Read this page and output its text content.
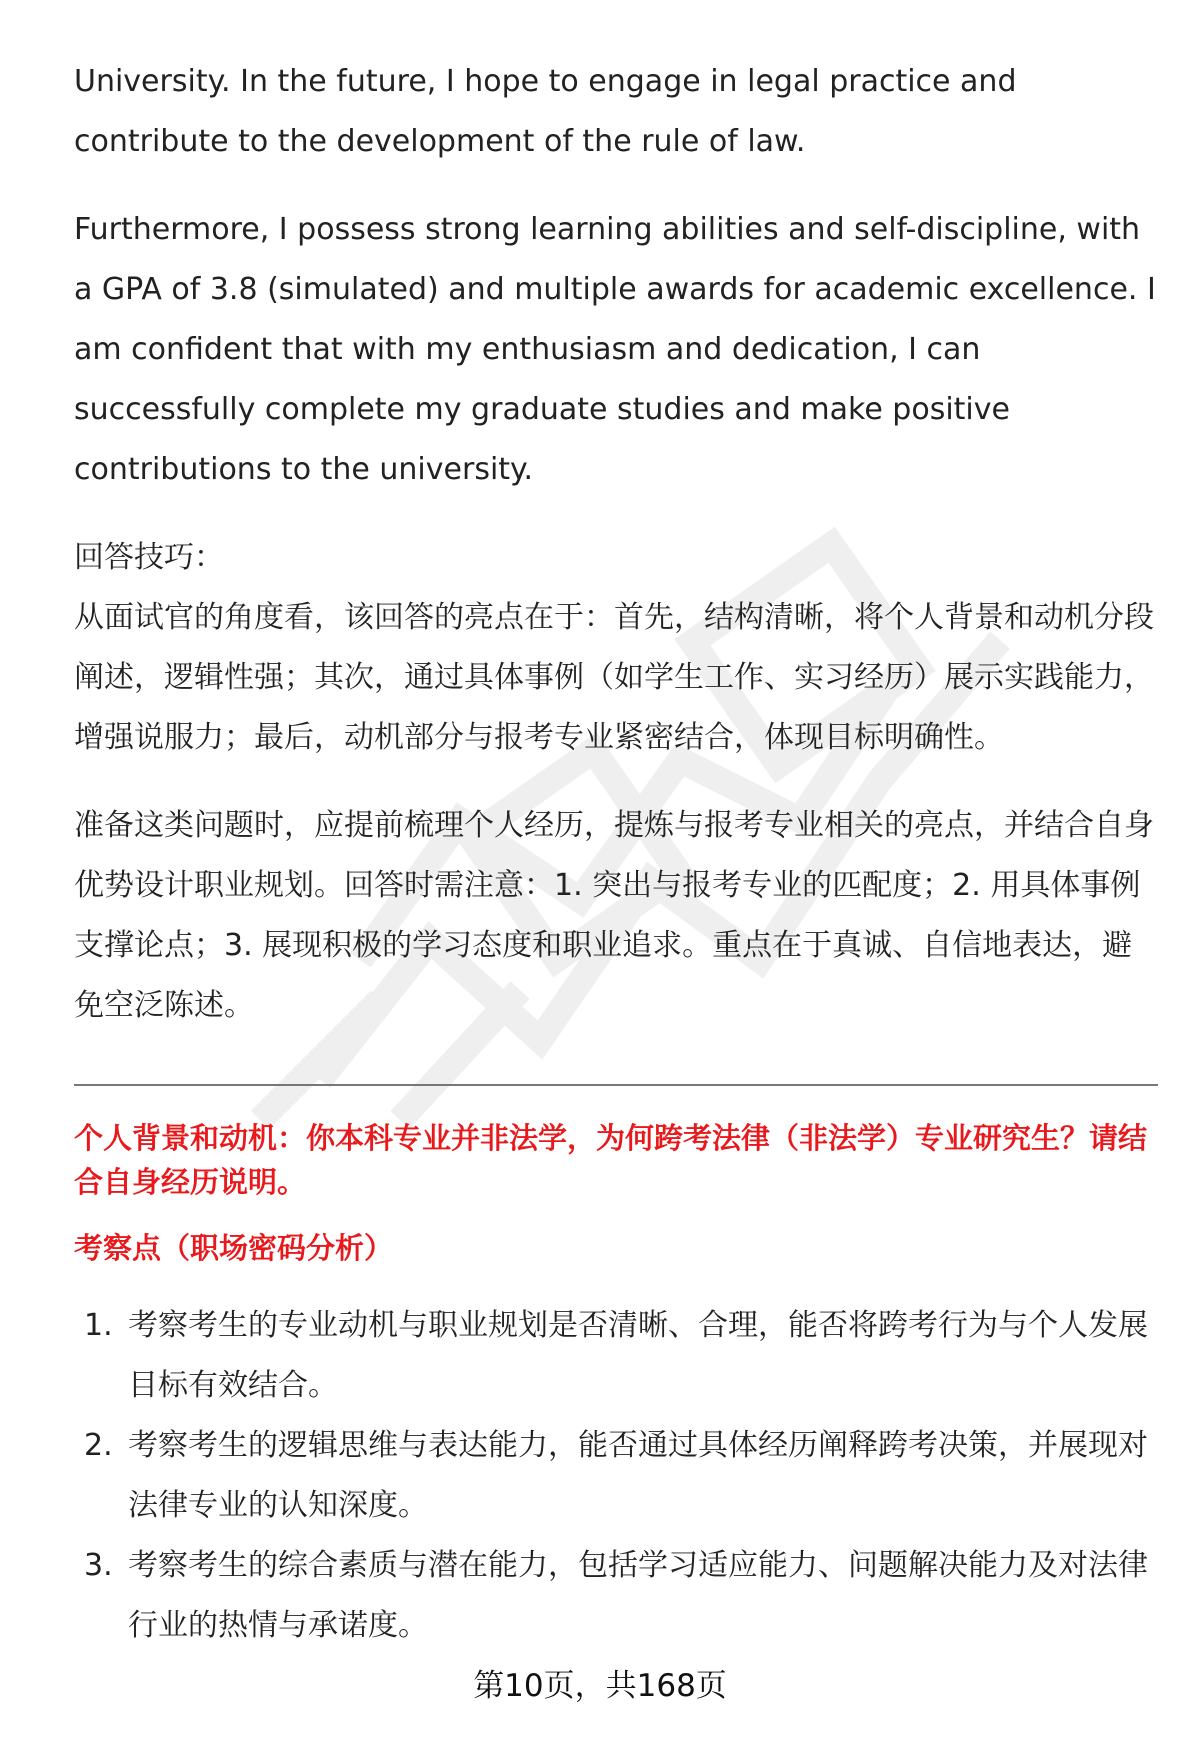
University. In the future, I hope to engage in legal practice and contribute to the development of the rule of law.

Furthermore, I possess strong learning abilities and self-discipline, with a GPA of 3.8 (simulated) and multiple awards for academic excellence. I am confident that with my enthusiasm and dedication, I can successfully complete my graduate studies and make positive contributions to the university.

回答技巧：

从面试官的角度看，该回答的亮点在于：首先，结构清晰，将个人背景和动机分段阐述，逻辑性强；其次，通过具体事例（如学生工作、实习经历）展示实践能力，增强说服力；最后，动机部分与报考专业紧密结合，体现目标明确性。

准备这类问题时，应提前梳理个人经历，提炼与报考专业相关的亮点，并结合自身优势设计职业规划。回答时需注意：1. 突出与报考专业的匹配度；2. 用具体事例支撑论点；3. 展现积极的学习态度和职业追求。重点在于真诚、自信地表达，避免空泛陈述。

个人背景和动机：你本科专业并非法学，为何跨考法律（非法学）专业研究生？请结合自身经历说明。

考察点（职场密码分析）

1. 考察考生的专业动机与职业规划是否清晰、合理，能否将跨考行为与个人发展目标有效结合。
2. 考察考生的逻辑思维与表达能力，能否通过具体经历阐释跨考决策，并展现对法律专业的认知深度。
3. 考察考生的综合素质与潜在能力，包括学习适应能力、问题解决能力及对法律行业的热情与承诺度。
第10页，共168页
